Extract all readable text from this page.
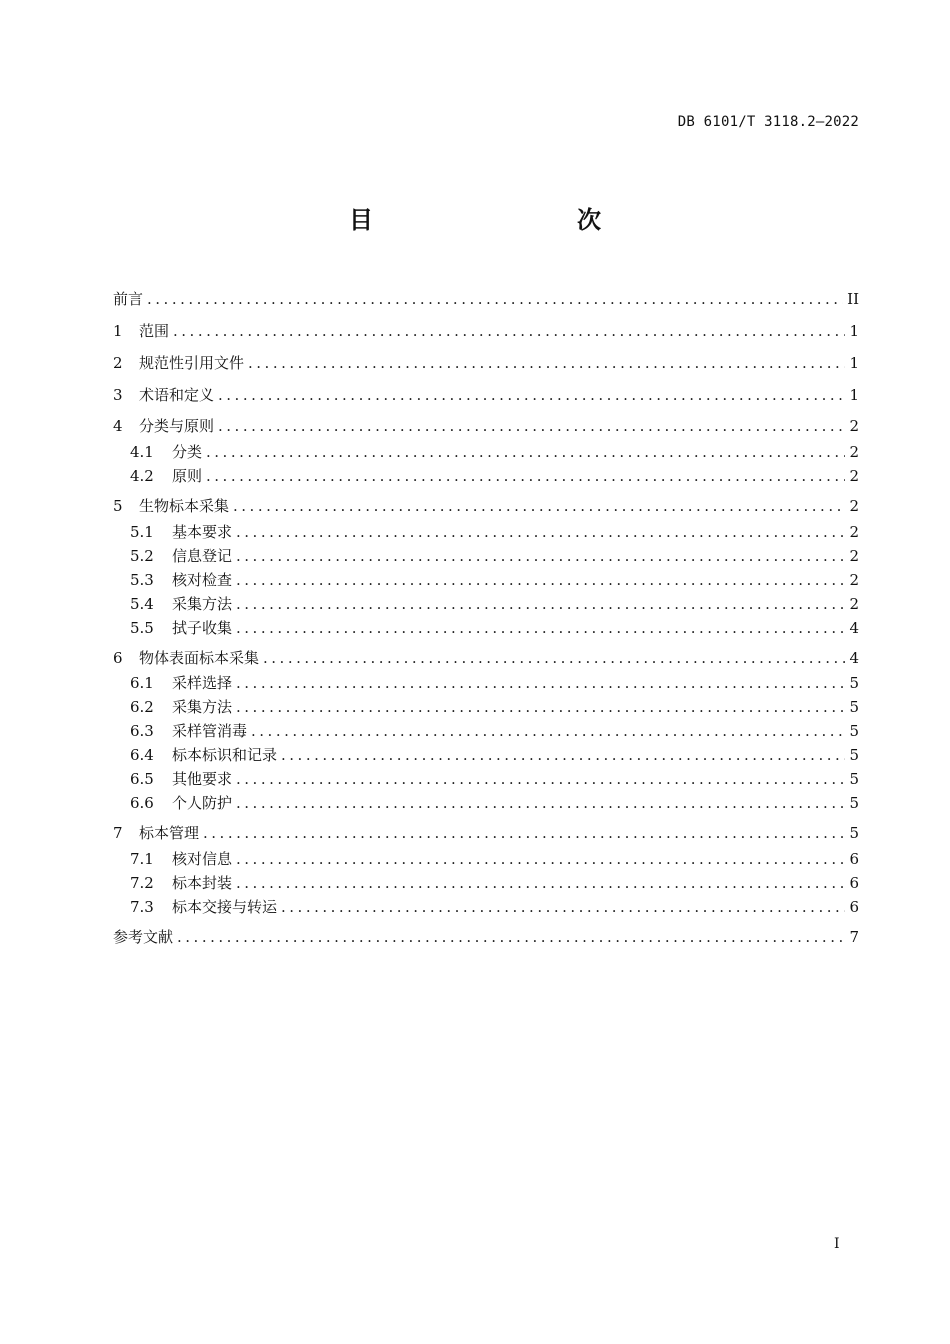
DB 6101/T 3118.2—2022
目　　次
前言 .....	II
1	范围 .....	1
2	规范性引用文件 .....	1
3	术语和定义 .....	1
4	分类与原则 .....	2
4.1	分类 .....	2
4.2	原则 .....	2
5	生物标本采集 .....	2
5.1	基本要求 .....	2
5.2	信息登记 .....	2
5.3	核对检查 .....	2
5.4	采集方法 .....	2
5.5	拭子收集 .....	4
6	物体表面标本采集 .....	4
6.1	采样选择 .....	5
6.2	采集方法 .....	5
6.3	采样管消毒 .....	5
6.4	标本标识和记录 .....	5
6.5	其他要求 .....	5
6.6	个人防护 .....	5
7	标本管理 .....	5
7.1	核对信息 .....	6
7.2	标本封装 .....	6
7.3	标本交接与转运 .....	6
参考文献 .....	7
I
